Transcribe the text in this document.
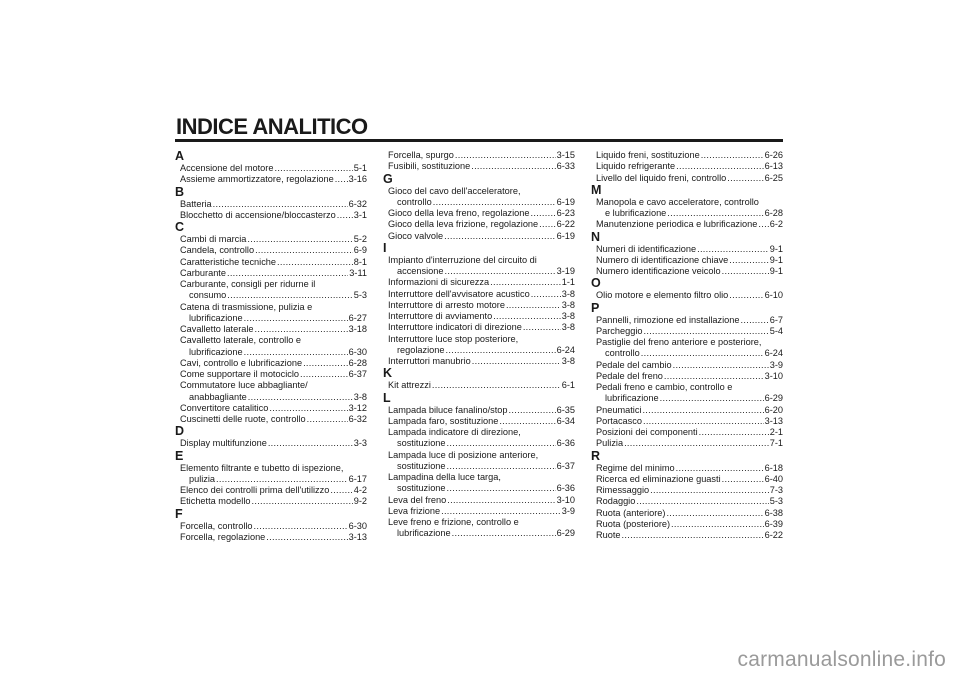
INDICE ANALITICO
A
Accensione del motore .....	5-1
Assieme ammortizzatore, regolazione ..... 3-16
B
Batteria .....	6-32
Blocchetto di accensione/bloccasterzo ..... 3-1
C
Cambi di marcia .....	5-2
Candela, controllo .....	6-9
Caratteristiche tecniche .....	8-1
Carburante .....	3-11
Carburante, consigli per ridurne il
consumo .....	5-3
Catena di trasmissione, pulizia e
lubrificazione .....	6-27
Cavalletto laterale .....	3-18
Cavalletto laterale, controllo e
lubrificazione .....	6-30
Cavi, controllo e lubrificazione .....	6-28
Come supportare il motociclo .....	6-37
Commutatore luce abbagliante/
anabbagliante .....	3-8
Convertitore catalitico .....	3-12
Cuscinetti delle ruote, controllo .....	6-32
D
Display multifunzione .....	3-3
E
Elemento filtrante e tubetto di ispezione,
pulizia .....	6-17
Elenco dei controlli prima dell'utilizzo .....	4-2
Etichetta modello .....	9-2
F
Forcella, controllo .....	6-30
Forcella, regolazione .....	3-13
Forcella, spurgo .....	3-15
Fusibili, sostituzione .....	6-33
G
Gioco del cavo dell'acceleratore,
controllo .....	6-19
Gioco della leva freno, regolazione .....	6-23
Gioco della leva frizione, regolazione ..... 6-22
Gioco valvole .....	6-19
I
Impianto d'interruzione del circuito di
accensione .....	3-19
Informazioni di sicurezza .....	1-1
Interruttore dell'avvisatore acustico .....	3-8
Interruttore di arresto motore .....	3-8
Interruttore di avviamento .....	3-8
Interruttore indicatori di direzione .....	3-8
Interruttore luce stop posteriore,
regolazione .....	6-24
Interruttori manubrio .....	3-8
K
Kit attrezzi .....	6-1
L
Lampada biluce fanalino/stop .....	6-35
Lampada faro, sostituzione .....	6-34
Lampada indicatore di direzione,
sostituzione .....	6-36
Lampada luce di posizione anteriore,
sostituzione .....	6-37
Lampadina della luce targa,
sostituzione .....	6-36
Leva del freno .....	3-10
Leva frizione .....	3-9
Leve freno e frizione, controllo e
lubrificazione .....	6-29
Liquido freni, sostituzione .....	6-26
Liquido refrigerante .....	6-13
Livello del liquido freni, controllo .....	6-25
M
Manopola e cavo acceleratore, controllo
e lubrificazione .....	6-28
Manutenzione periodica e lubrificazione ..... 6-2
N
Numeri di identificazione .....	9-1
Numero di identificazione chiave .....	9-1
Numero identificazione veicolo .....	9-1
O
Olio motore e elemento filtro olio .....	6-10
P
Pannelli, rimozione ed installazione .....	6-7
Parcheggio .....	5-4
Pastiglie del freno anteriore e posteriore,
controllo .....	6-24
Pedale del cambio .....	3-9
Pedale del freno .....	3-10
Pedali freno e cambio, controllo e
lubrificazione .....	6-29
Pneumatici .....	6-20
Portacasco .....	3-13
Posizioni dei componenti .....	2-1
Pulizia .....	7-1
R
Regime del minimo .....	6-18
Ricerca ed eliminazione guasti .....	6-40
Rimessaggio .....	7-3
Rodaggio .....	5-3
Ruota (anteriore) .....	6-38
Ruota (posteriore) .....	6-39
Ruote .....	6-22
carmanualsonline.info
